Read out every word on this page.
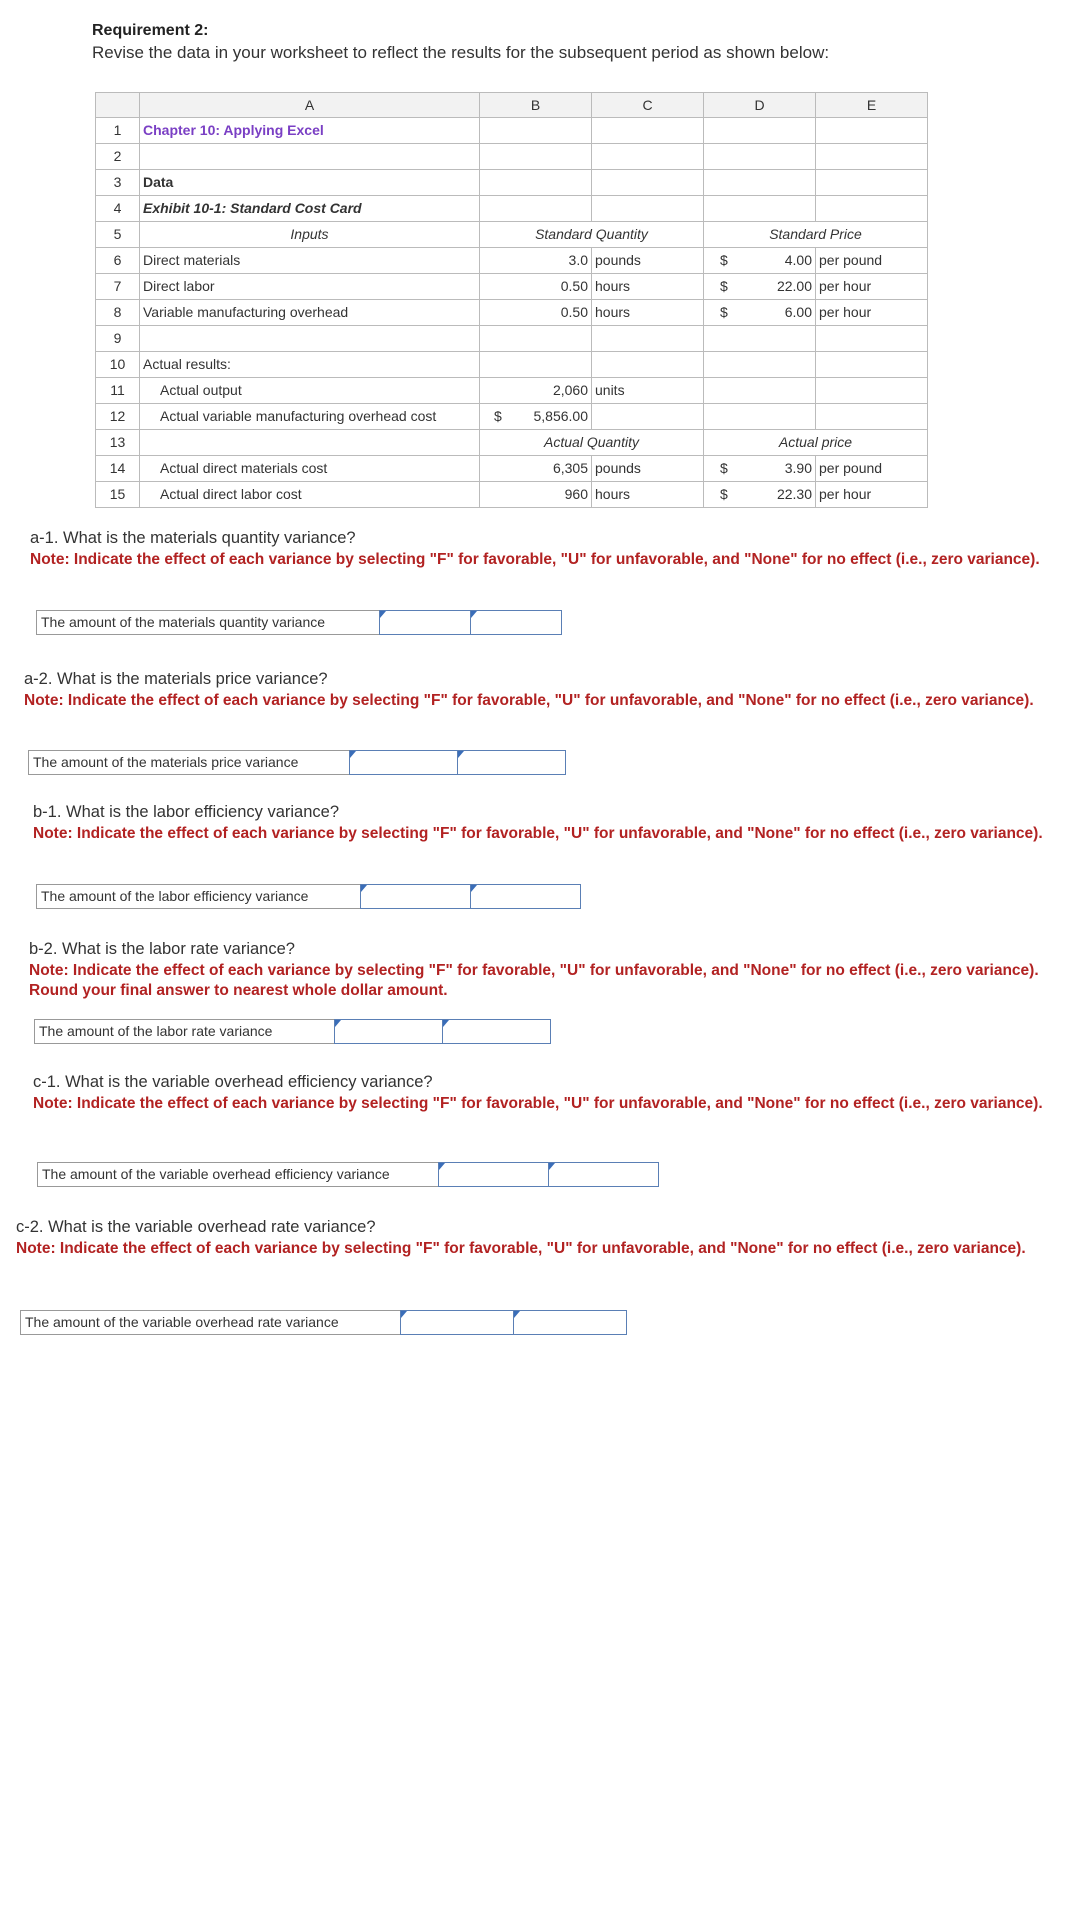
Requirement 2:
Revise the data in your worksheet to reflect the results for the subsequent period as shown below:
A	B	C	D	E
1	Chapter 10: Applying Excel
2
3	Data
4	Exhibit 10-1: Standard Cost Card
5	Inputs	Standard Quantity	Standard Price
6	Direct materials	3.0 pounds	$	4.00 per pound
7	Direct labor	0.50 hours	$	22.00 per hour
8	Variable manufacturing overhead	0.50 hours	$	6.00 per hour
9
10	Actual results:
11	Actual output	2,060 units
12	Actual variable manufacturing overhead cost	$ 5,856.00
13	Actual Quantity	Actual price
14	Actual direct materials cost	6,305 pounds	$	3.90 per pound
15	Actual direct labor cost	960 hours	$	22.30 per hour
a-1. What is the materials quantity variance?
Note: Indicate the effect of each variance by selecting "F" for favorable, "U" for unfavorable, and "None" for no effect (i.e., zero variance).
The amount of the materials quantity variance
a-2. What is the materials price variance?
Note: Indicate the effect of each variance by selecting "F" for favorable, "U" for unfavorable, and "None" for no effect (i.e., zero variance).
The amount of the materials price variance
b-1. What is the labor efficiency variance?
Note: Indicate the effect of each variance by selecting "F" for favorable, "U" for unfavorable, and "None" for no effect (i.e., zero variance).
The amount of the labor efficiency variance
b-2. What is the labor rate variance?
Note: Indicate the effect of each variance by selecting "F" for favorable, "U" for unfavorable, and "None" for no effect (i.e., zero variance). Round your final answer to nearest whole dollar amount.
The amount of the labor rate variance
c-1. What is the variable overhead efficiency variance?
Note: Indicate the effect of each variance by selecting "F" for favorable, "U" for unfavorable, and "None" for no effect (i.e., zero variance).
The amount of the variable overhead efficiency variance
c-2. What is the variable overhead rate variance?
Note: Indicate the effect of each variance by selecting "F" for favorable, "U" for unfavorable, and "None" for no effect (i.e., zero variance).
The amount of the variable overhead rate variance
